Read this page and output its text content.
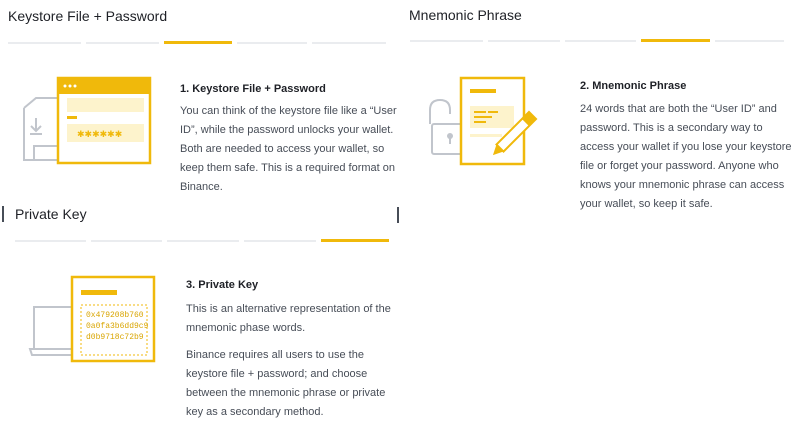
Keystore File + Password
✱✱✱✱✱✱
1. Keystore File + Password
You can think of the keystore file like a “User ID”, while the password unlocks your wallet. Both are needed to access your wallet, so keep them safe. This is a required format on Binance.
Mnemonic Phrase
2. Mnemonic Phrase
24 words that are both the “User ID” and password. This is a secondary way to access your wallet if you lose your keystore file or forget your password. Anyone who knows your mnemonic phrase can access your wallet, so keep it safe.
Private Key
0x479208b760
0a0fa3b6dd9c9
d0b9718c72b9
3. Private Key

This is an alternative representation of the mnemonic phase words.

Binance requires all users to use the keystore file + password; and choose between the mnemonic phrase or private key as a secondary method.
